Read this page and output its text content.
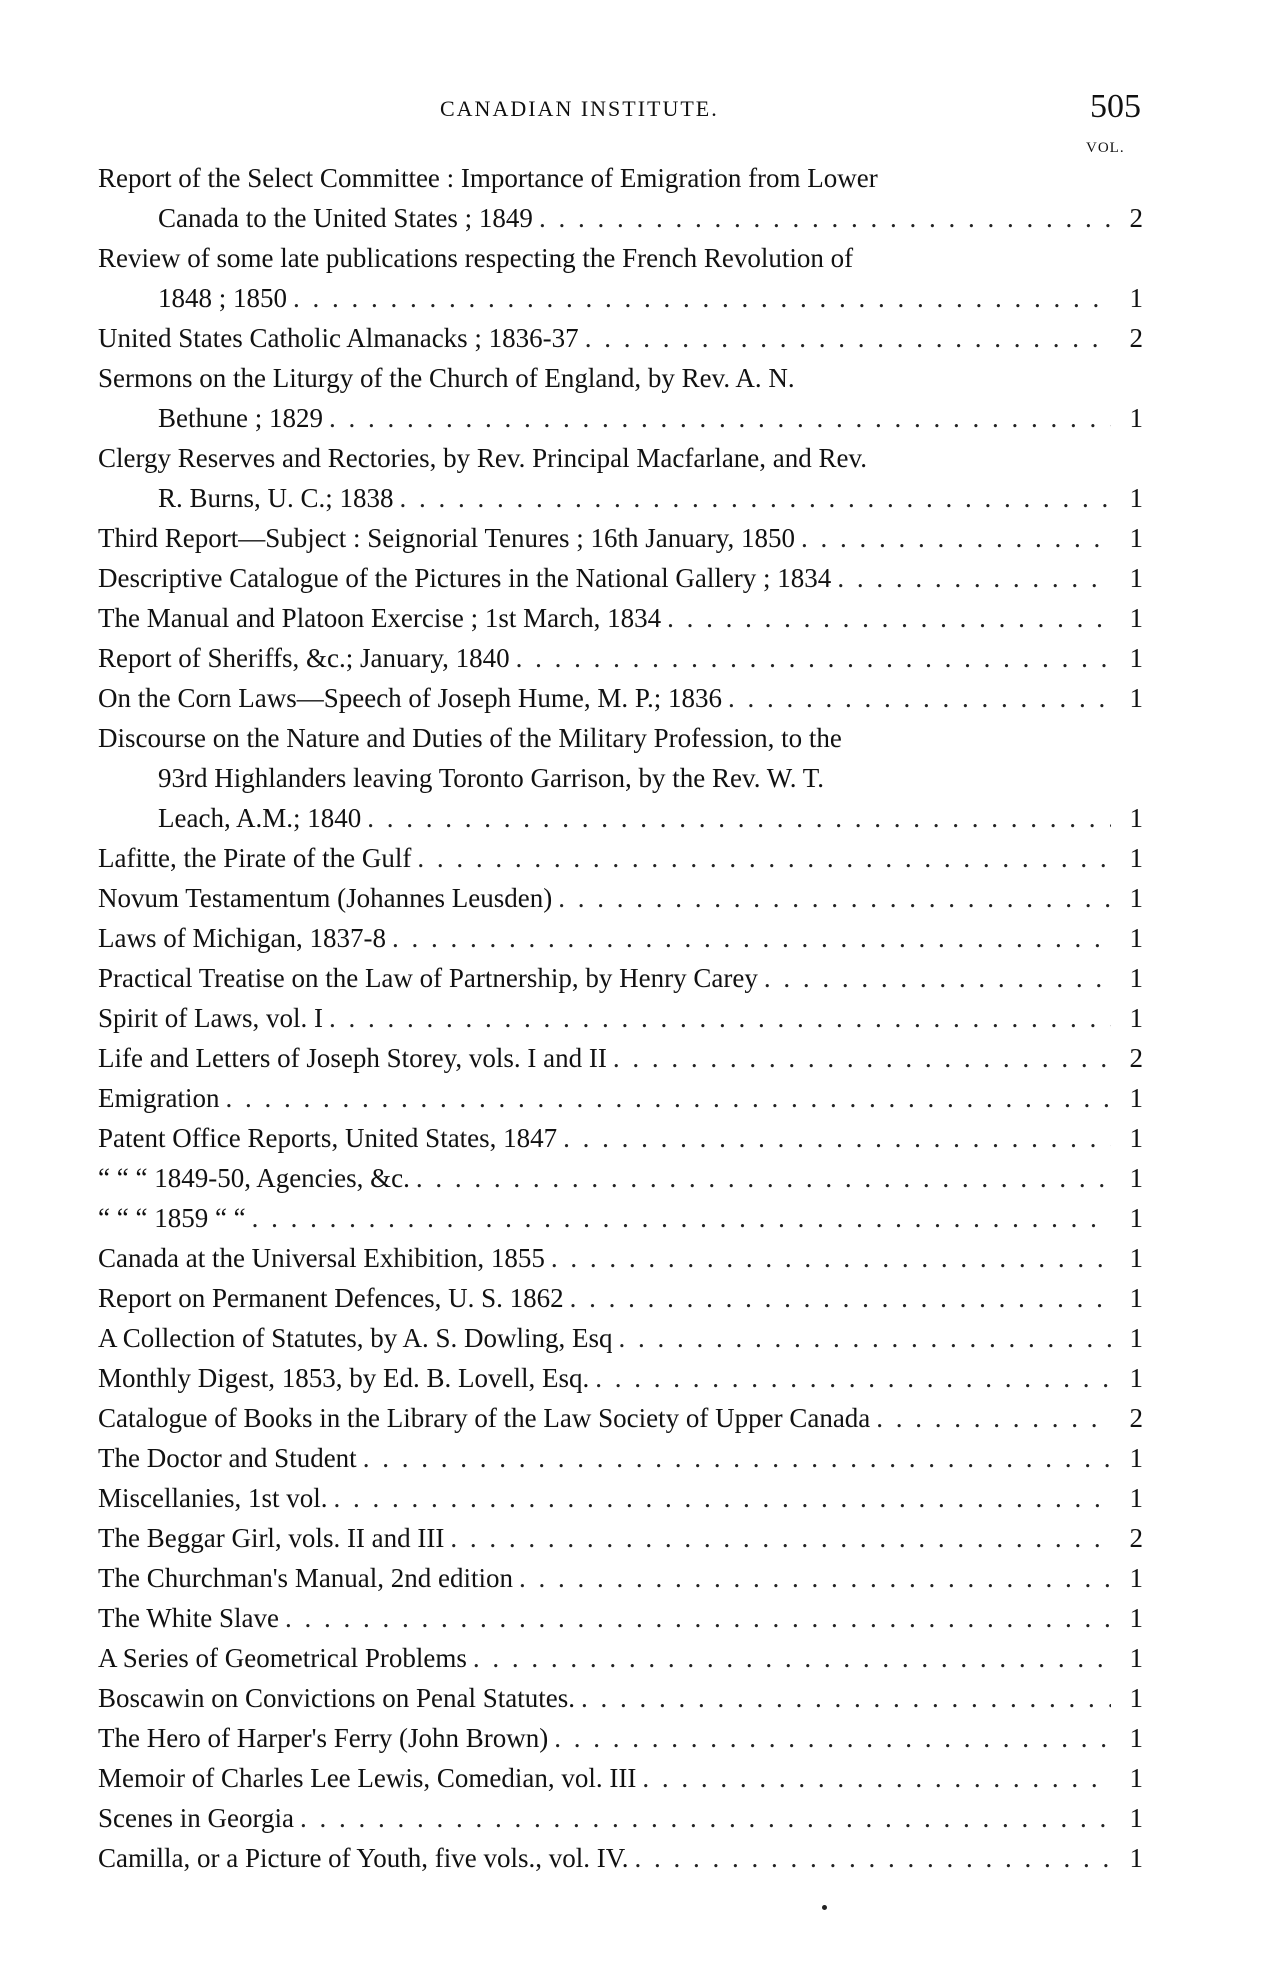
CANADIAN INSTITUTE.	505
VOL.
Report of the Select Committee : Importance of Emigration from Lower
Canada to the United States ; 1849 . . .	2
Review of some late publications respecting the French Revolution of
1848 ; 1850 . . .	1
United States Catholic Almanacks ; 1836-37 . . .	2
Sermons on the Liturgy of the Church of England, by Rev. A. N.
Bethune ; 1829 . . .	1
Clergy Reserves and Rectories, by Rev. Principal Macfarlane, and Rev.
R. Burns, U. C.; 1838 . . .	1
Third Report—Subject : Seignorial Tenures ; 16th January, 1850 . . .	1
Descriptive Catalogue of the Pictures in the National Gallery ; 1834 . . .	1
The Manual and Platoon Exercise ; 1st March, 1834 . . .	1
Report of Sheriffs, &c.; January, 1840 . . .	1
On the Corn Laws—Speech of Joseph Hume, M. P.; 1836 . . .	1
Discourse on the Nature and Duties of the Military Profession, to the
93rd Highlanders leaving Toronto Garrison, by the Rev. W. T.
Leach, A.M.; 1840 . . .	1
Lafitte, the Pirate of the Gulf . . .	1
Novum Testamentum (Johannes Leusden) . . .	1
Laws of Michigan, 1837-8 . . .	1
Practical Treatise on the Law of Partnership, by Henry Carey . . .	1
Spirit of Laws, vol. I . . .	1
Life and Letters of Joseph Storey, vols. I and II . . .	2
Emigration . . .	1
Patent Office Reports, United States, 1847 . . .	1
“ “ “ 1849-50, Agencies, &c. . . .	1
“ “ “ 1859 “ “ . . .	1
Canada at the Universal Exhibition, 1855 . . .	1
Report on Permanent Defences, U. S. 1862 . . .	1
A Collection of Statutes, by A. S. Dowling, Esq . . .	1
Monthly Digest, 1853, by Ed. B. Lovell, Esq. . . .	1
Catalogue of Books in the Library of the Law Society of Upper Canada . . .	2
The Doctor and Student . . .	1
Miscellanies, 1st vol. . . .	1
The Beggar Girl, vols. II and III . . .	2
The Churchman's Manual, 2nd edition . . .	1
The White Slave . . .	1
A Series of Geometrical Problems . . .	1
Boscawin on Convictions on Penal Statutes. . . .	1
The Hero of Harper's Ferry (John Brown) . . .	1
Memoir of Charles Lee Lewis, Comedian, vol. III . . .	1
Scenes in Georgia . . .	1
Camilla, or a Picture of Youth, five vols., vol. IV. . . .	1
